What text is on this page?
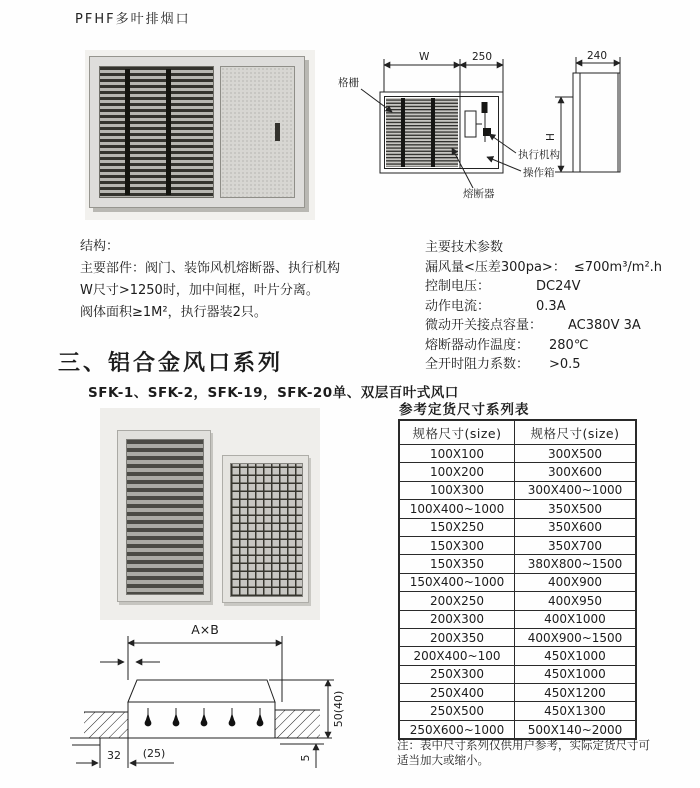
PFHF多叶排烟口
W	250	240
H
格栅
执行机构
操作箱
熔断器
结构：
主要部件：阀门、装饰风机熔断器、执行机构
W尺寸>1250时，加中间框，叶片分离。
阀体面积≥1M²，执行器装2只。
主要技术参数
漏风量<压差300pa>： ≤700m³/m².h
控制电压：	DC24V
动作电流：	0.3A
微动开关接点容量： AC380V 3A
熔断器动作温度： 280℃
全开时阻力系数： >0.5
三、铝合金风口系列
SFK-1、SFK-2，SFK-19，SFK-20单、双层百叶式风口
参考定货尺寸系列表
规格尺寸(size)	规格尺寸(size)
100X100	300X500
100X200	300X600
100X300	300X400~1000
100X400~1000	350X500
150X250	350X600
150X300	350X700
150X350	380X800~1500
150X400~1000	400X900
200X250	400X950
200X300	400X1000
200X350	400X900~1500
200X400~100	450X1000
250X300	450X1000
250X400	450X1200
250X500	450X1300
250X600~1000	500X140~2000
注：表中尺寸系列仅供用户参考，实际定货尺寸可适当加大或缩小。
A×B
50(40)
5
32 (25)
